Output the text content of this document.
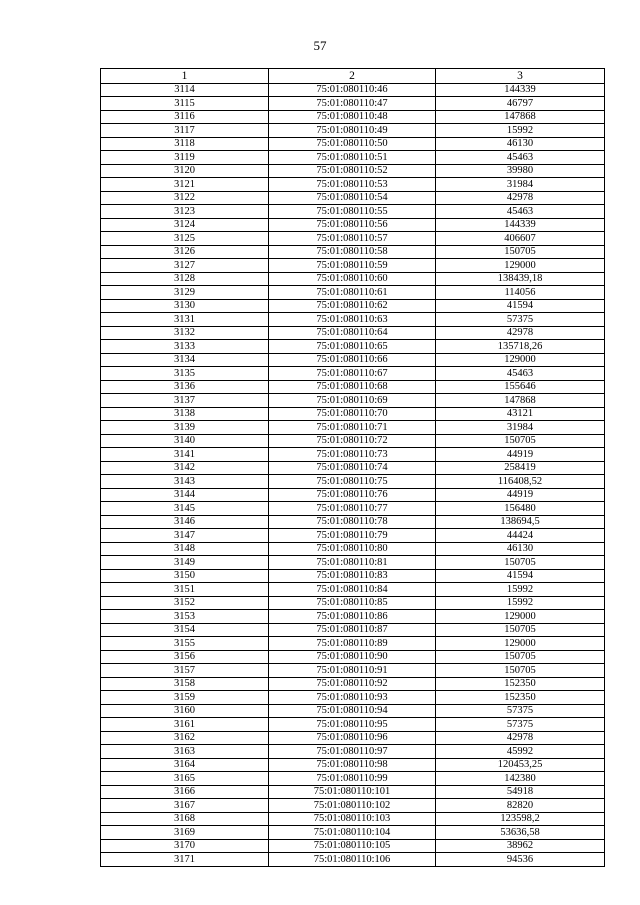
57
1	2	3
3114	75:01:080110:46	144339
3115	75:01:080110:47	46797
3116	75:01:080110:48	147868
3117	75:01:080110:49	15992
3118	75:01:080110:50	46130
3119	75:01:080110:51	45463
3120	75:01:080110:52	39980
3121	75:01:080110:53	31984
3122	75:01:080110:54	42978
3123	75:01:080110:55	45463
3124	75:01:080110:56	144339
3125	75:01:080110:57	406607
3126	75:01:080110:58	150705
3127	75:01:080110:59	129000
3128	75:01:080110:60	138439,18
3129	75:01:080110:61	114056
3130	75:01:080110:62	41594
3131	75:01:080110:63	57375
3132	75:01:080110:64	42978
3133	75:01:080110:65	135718,26
3134	75:01:080110:66	129000
3135	75:01:080110:67	45463
3136	75:01:080110:68	155646
3137	75:01:080110:69	147868
3138	75:01:080110:70	43121
3139	75:01:080110:71	31984
3140	75:01:080110:72	150705
3141	75:01:080110:73	44919
3142	75:01:080110:74	258419
3143	75:01:080110:75	116408,52
3144	75:01:080110:76	44919
3145	75:01:080110:77	156480
3146	75:01:080110:78	138694,5
3147	75:01:080110:79	44424
3148	75:01:080110:80	46130
3149	75:01:080110:81	150705
3150	75:01:080110:83	41594
3151	75:01:080110:84	15992
3152	75:01:080110:85	15992
3153	75:01:080110:86	129000
3154	75:01:080110:87	150705
3155	75:01:080110:89	129000
3156	75:01:080110:90	150705
3157	75:01:080110:91	150705
3158	75:01:080110:92	152350
3159	75:01:080110:93	152350
3160	75:01:080110:94	57375
3161	75:01:080110:95	57375
3162	75:01:080110:96	42978
3163	75:01:080110:97	45992
3164	75:01:080110:98	120453,25
3165	75:01:080110:99	142380
3166	75:01:080110:101	54918
3167	75:01:080110:102	82820
3168	75:01:080110:103	123598,2
3169	75:01:080110:104	53636,58
3170	75:01:080110:105	38962
3171	75:01:080110:106	94536
